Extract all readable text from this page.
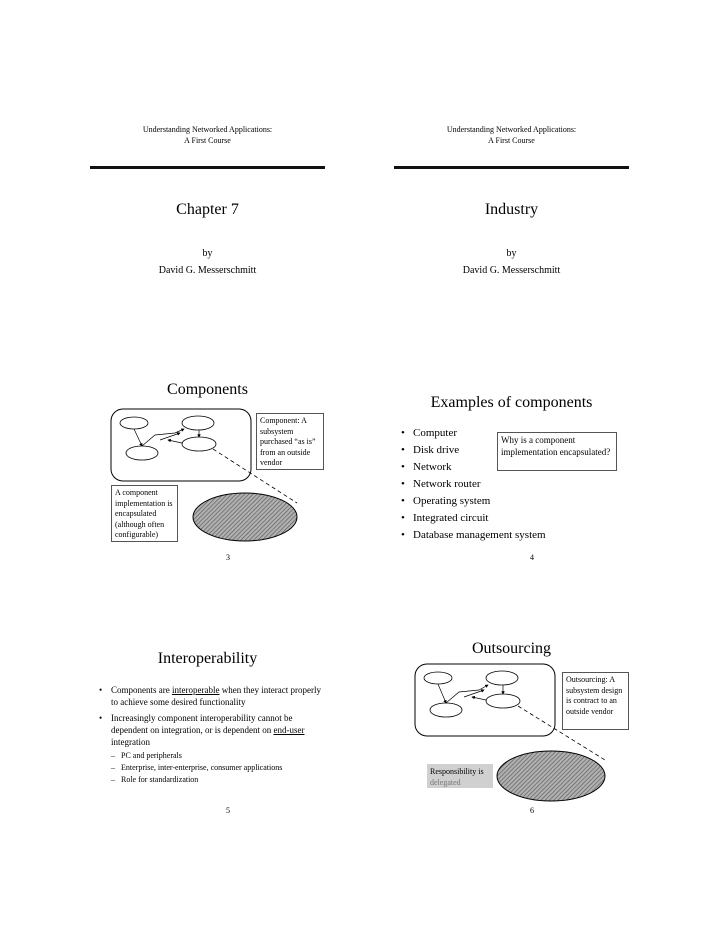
Understanding Networked Applications:
A First Course
Chapter 7
by
David G. Messerschmitt
Understanding Networked Applications:
A First Course
Industry
by
David G. Messerschmitt
Components
Component: A subsystem purchased “as is” from an outside vendor
A component implementation is encapsulated (although often configurable)
3
Examples of components
• Computer
• Disk drive
• Network
• Network router
• Operating system
• Integrated circuit
• Database management system
Why is a component implementation encapsulated?
4
Interoperability
• Components are interoperable when they interact properly to achieve some desired functionality
• Increasingly component interoperability cannot be dependent on integration, or is dependent on end-user integration
– PC and peripherals
– Enterprise, inter-enterprise, consumer applications
– Role for standardization
5
Outsourcing
Outsourcing: A subsystem design is contract to an outside vendor
Responsibility is
delegated
6
